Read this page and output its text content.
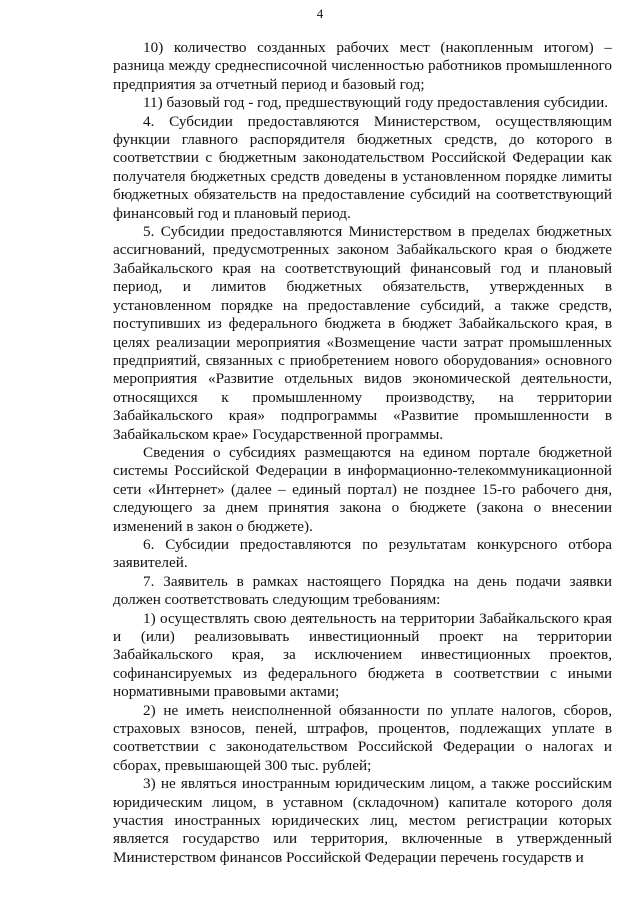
4

10) количество созданных рабочих мест (накопленным итогом) – разница между среднесписочной численностью работников промышленного предприятия за отчетный период и базовый год;

11) базовый год - год, предшествующий году предоставления субсидии.

4. Субсидии предоставляются Министерством, осуществляющим функции главного распорядителя бюджетных средств, до которого в соответствии с бюджетным законодательством Российской Федерации как получателя бюджетных средств доведены в установленном порядке лимиты бюджетных обязательств на предоставление субсидий на соответствующий финансовый год и плановый период.

5. Субсидии предоставляются Министерством в пределах бюджетных ассигнований, предусмотренных законом Забайкальского края о бюджете Забайкальского края на соответствующий финансовый год и плановый период, и лимитов бюджетных обязательств, утвержденных в установленном порядке на предоставление субсидий, а также средств, поступивших из федерального бюджета в бюджет Забайкальского края, в целях реализации мероприятия «Возмещение части затрат промышленных предприятий, связанных с приобретением нового оборудования» основного мероприятия «Развитие отдельных видов экономической деятельности, относящихся к промышленному производству, на территории Забайкальского края» подпрограммы «Развитие промышленности в Забайкальском крае» Государственной программы.

Сведения о субсидиях размещаются на едином портале бюджетной системы Российской Федерации в информационно-телекоммуникационной сети «Интернет» (далее – единый портал) не позднее 15-го рабочего дня, следующего за днем принятия закона о бюджете (закона о внесении изменений в закон о бюджете).

6. Субсидии предоставляются по результатам конкурсного отбора заявителей.

7. Заявитель в рамках настоящего Порядка на день подачи заявки должен соответствовать следующим требованиям:

1) осуществлять свою деятельность на территории Забайкальского края и (или) реализовывать инвестиционный проект на территории Забайкальского края, за исключением инвестиционных проектов, софинансируемых из федерального бюджета в соответствии с иными нормативными правовыми актами;

2) не иметь неисполненной обязанности по уплате налогов, сборов, страховых взносов, пеней, штрафов, процентов, подлежащих уплате в соответствии с законодательством Российской Федерации о налогах и сборах, превышающей 300 тыс. рублей;

3) не являться иностранным юридическим лицом, а также российским юридическим лицом, в уставном (складочном) капитале которого доля участия иностранных юридических лиц, местом регистрации которых является государство или территория, включенные в утвержденный Министерством финансов Российской Федерации перечень государств и
